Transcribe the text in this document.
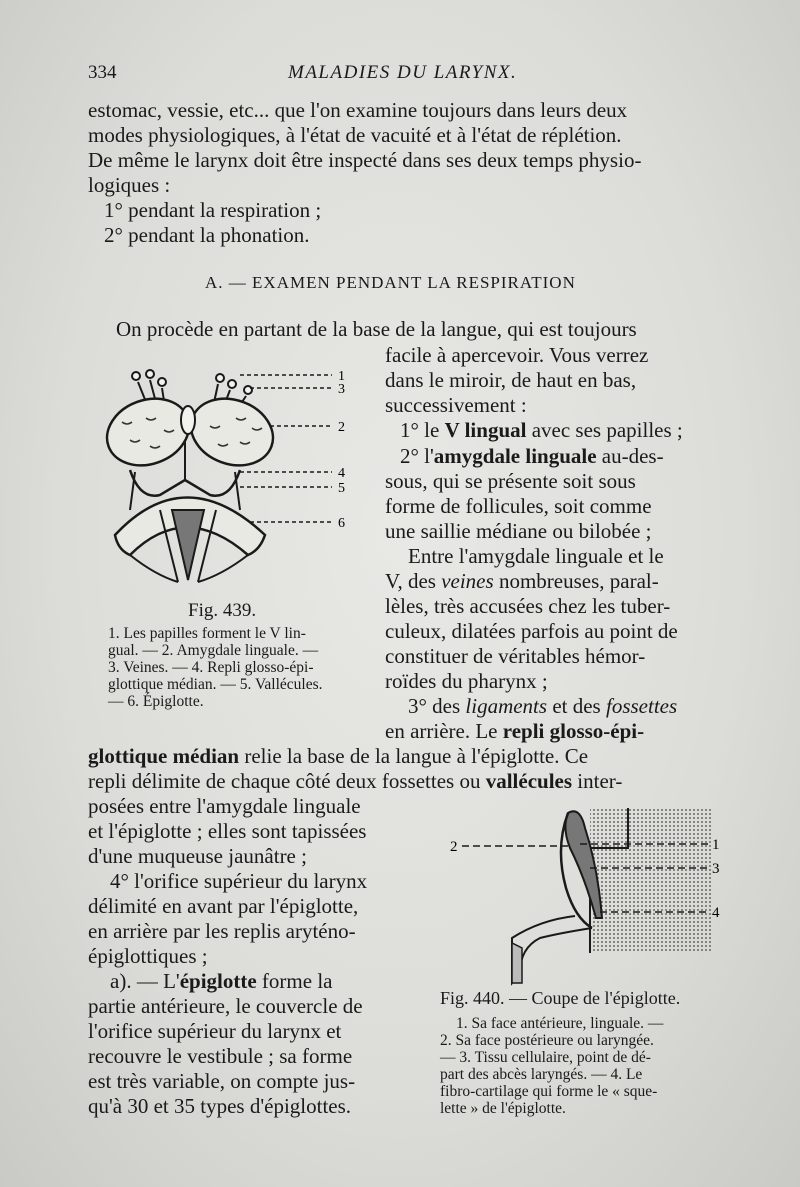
334	MALADIES DU LARYNX.
estomac, vessie, etc... que l'on examine toujours dans leurs deux
modes physiologiques, à l'état de vacuité et à l'état de réplétion.
De même le larynx doit être inspecté dans ses deux temps physio-
logiques :
1° pendant la respiration ;
2° pendant la phonation.
A. — EXAMEN PENDANT LA RESPIRATION
On procède en partant de la base de la langue, qui est toujours
facile à apercevoir. Vous verrez
dans le miroir, de haut en bas,
successivement :
1° le V lingual avec ses papilles ;
2° l'amygdale linguale au-des-
sous, qui se présente soit sous
forme de follicules, soit comme
une saillie médiane ou bilobée ;
Entre l'amygdale linguale et le
V, des veines nombreuses, paral-
lèles, très accusées chez les tuber-
culeux, dilatées parfois au point de
constituer de véritables hémor-
roïdes du pharynx ;
3° des ligaments et des fossettes
en arrière. Le repli glosso-épi-
glottique médian relie la base de la langue à l'épiglotte. Ce
repli délimite de chaque côté deux fossettes ou vallécules inter-
posées entre l'amygdale linguale
et l'épiglotte ; elles sont tapissées
d'une muqueuse jaunâtre ;
4° l'orifice supérieur du larynx
délimité en avant par l'épiglotte,
en arrière par les replis aryténo-
épiglottiques ;
a). — L'épiglotte forme la
partie antérieure, le couvercle de
l'orifice supérieur du larynx et
recouvre le vestibule ; sa forme
est très variable, on compte jus-
qu'à 30 et 35 types d'épiglottes.
1
3
2
4
5
6
Fig. 439.
1. Les papilles forment le V lin-
gual. — 2. Amygdale linguale. —
3. Veines. — 4. Repli glosso-épi-
glottique médian. — 5. Vallécules.
— 6. Épiglotte.
2	1
3
4
Fig. 440. — Coupe de l'épiglotte.
1. Sa face antérieure, linguale. —
2. Sa face postérieure ou laryngée.
— 3. Tissu cellulaire, point de dé-
part des abcès laryngés. — 4. Le
fibro-cartilage qui forme le « sque-
lette » de l'épiglotte.
